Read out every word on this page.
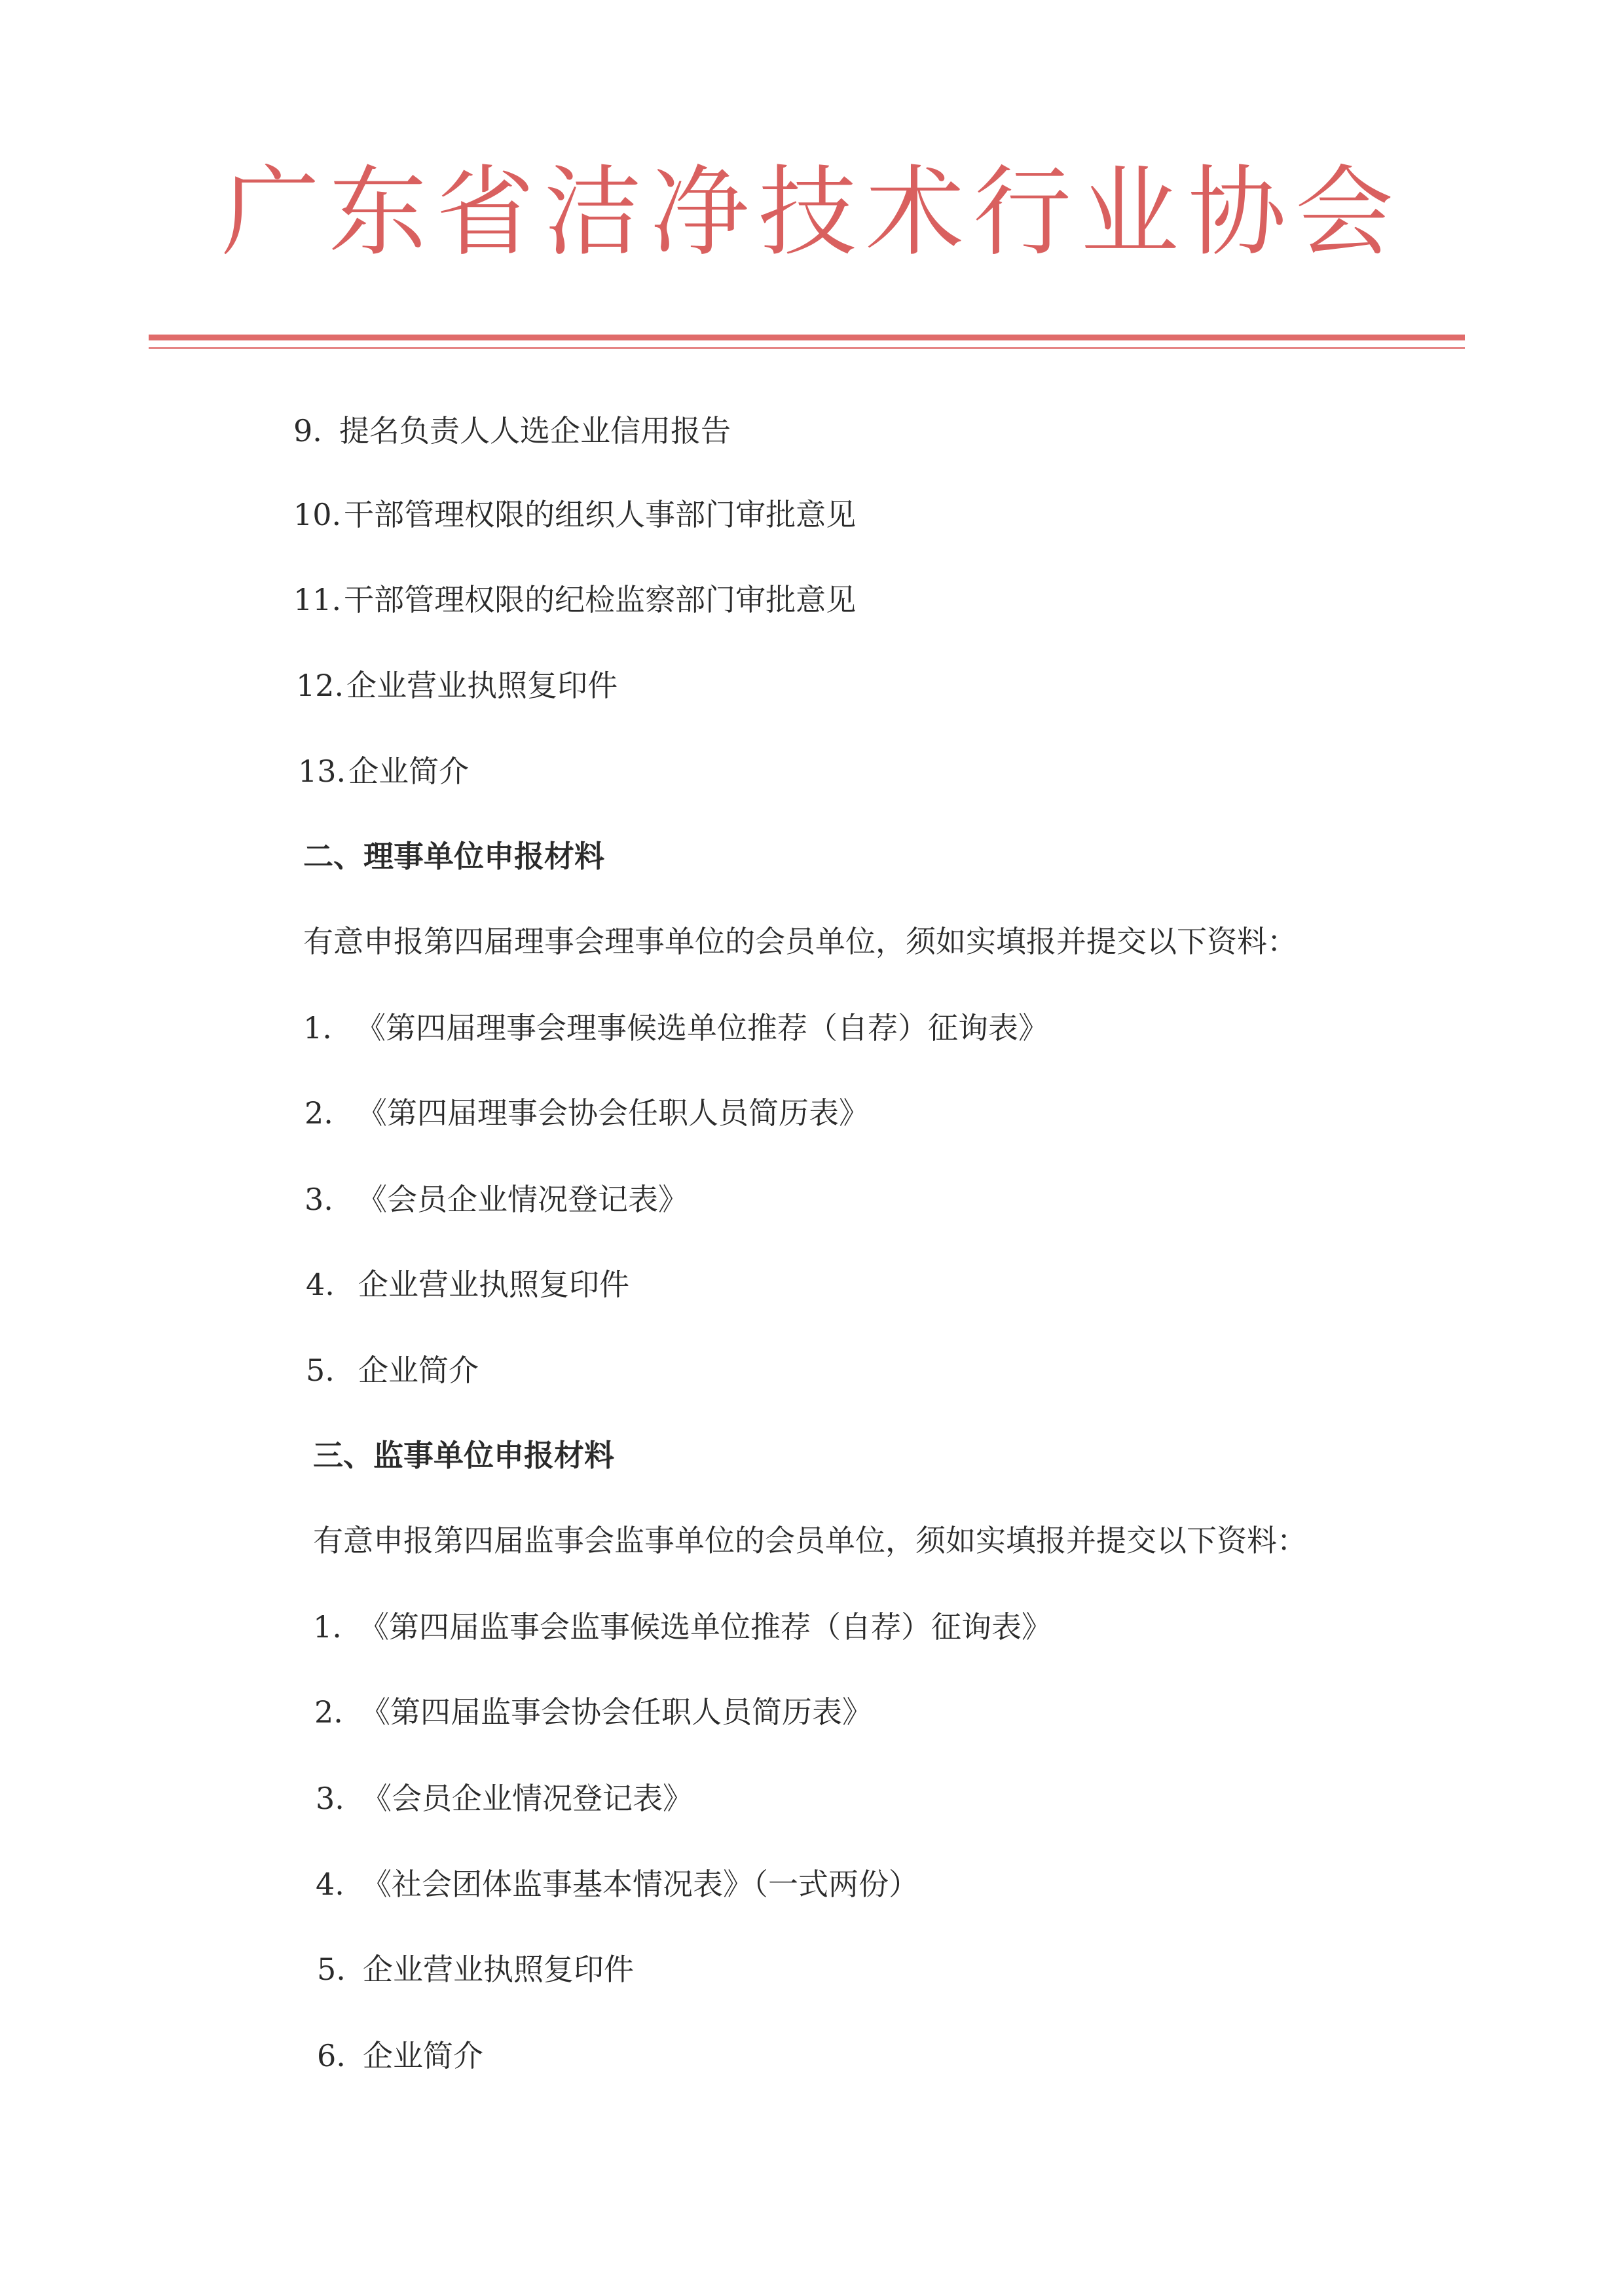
广东省洁净技术行业协会
9. 提名负责人人选企业信用报告
10.干部管理权限的组织人事部门审批意见
11.干部管理权限的纪检监察部门审批意见
12.企业营业执照复印件
13.企业简介
二、理事单位申报材料
有意申报第四届理事会理事单位的会员单位，须如实填报并提交以下资料：
1. 《第四届理事会理事候选单位推荐（自荐）征询表》
2. 《第四届理事会协会任职人员简历表》
3. 《会员企业情况登记表》
4. 企业营业执照复印件
5. 企业简介
三、监事单位申报材料
有意申报第四届监事会监事单位的会员单位，须如实填报并提交以下资料：
1. 《第四届监事会监事候选单位推荐（自荐）征询表》
2. 《第四届监事会协会任职人员简历表》
3. 《会员企业情况登记表》
4. 《社会团体监事基本情况表》（一式两份）
5. 企业营业执照复印件
6. 企业简介
